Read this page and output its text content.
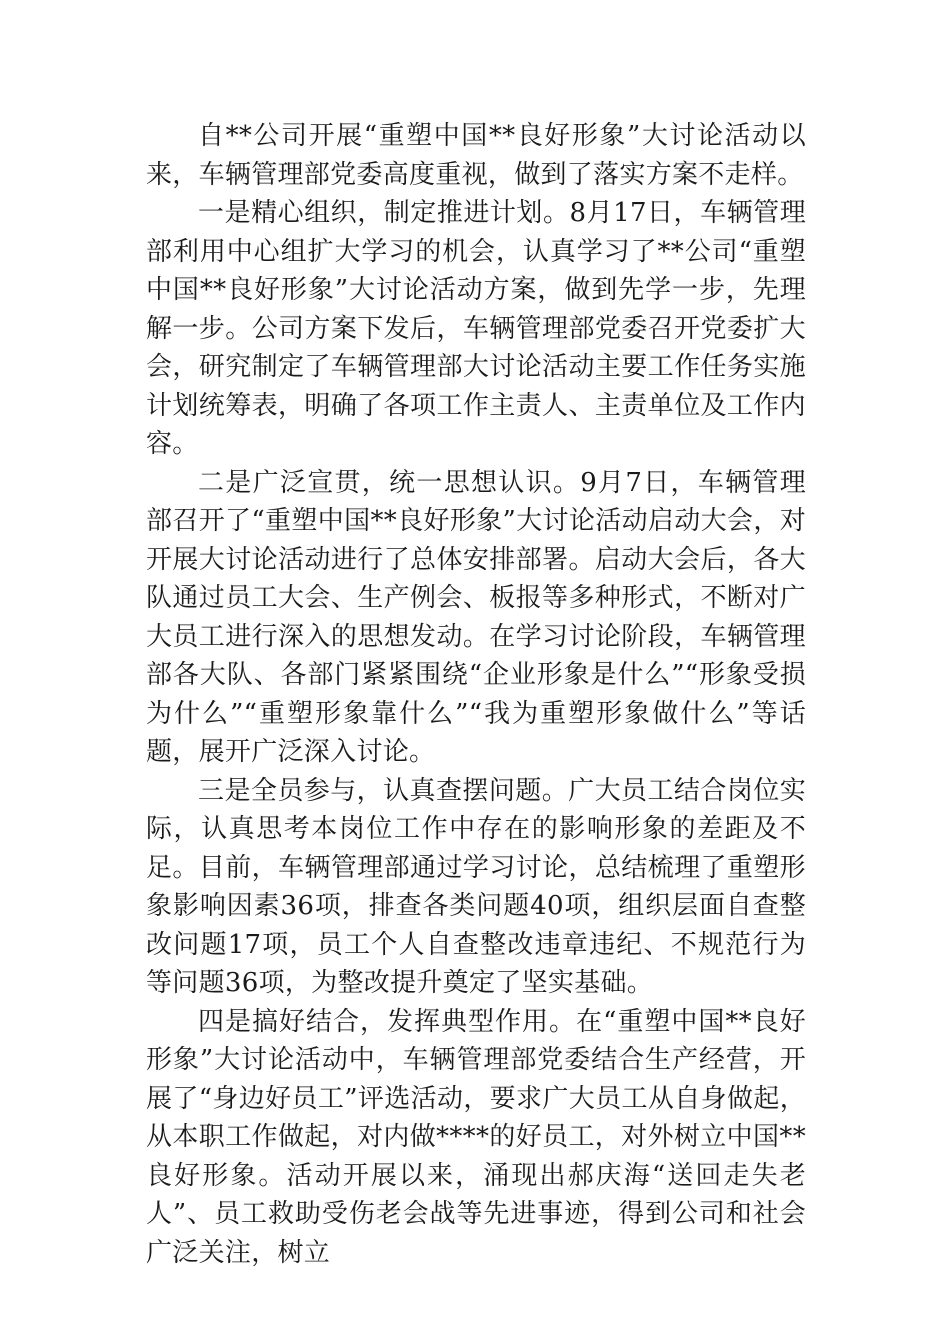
自**公司开展“重塑中国**良好形象”大讨论活动以来，车辆管理部党委高度重视，做到了落实方案不走样。

一是精心组织，制定推进计划。8月17日，车辆管理部利用中心组扩大学习的机会，认真学习了**公司“重塑中国**良好形象”大讨论活动方案，做到先学一步，先理解一步。公司方案下发后，车辆管理部党委召开党委扩大会，研究制定了车辆管理部大讨论活动主要工作任务实施计划统筹表，明确了各项工作主责人、主责单位及工作内容。

二是广泛宣贯，统一思想认识。9月7日，车辆管理部召开了“重塑中国**良好形象”大讨论活动启动大会，对开展大讨论活动进行了总体安排部署。启动大会后，各大队通过员工大会、生产例会、板报等多种形式，不断对广大员工进行深入的思想发动。在学习讨论阶段，车辆管理部各大队、各部门紧紧围绕“企业形象是什么”“形象受损为什么”“重塑形象靠什么”“我为重塑形象做什么”等话题，展开广泛深入讨论。

三是全员参与，认真查摆问题。广大员工结合岗位实际，认真思考本岗位工作中存在的影响形象的差距及不足。目前，车辆管理部通过学习讨论，总结梳理了重塑形象影响因素36项，排查各类问题40项，组织层面自查整改问题17项，员工个人自查整改违章违纪、不规范行为等问题36项，为整改提升奠定了坚实基础。

四是搞好结合，发挥典型作用。在“重塑中国**良好形象”大讨论活动中，车辆管理部党委结合生产经营，开展了“身边好员工”评选活动，要求广大员工从自身做起，从本职工作做起，对内做****的好员工，对外树立中国**良好形象。活动开展以来，涌现出郝庆海“送回走失老人”、员工救助受伤老会战等先进事迹，得到公司和社会广泛关注，树立
